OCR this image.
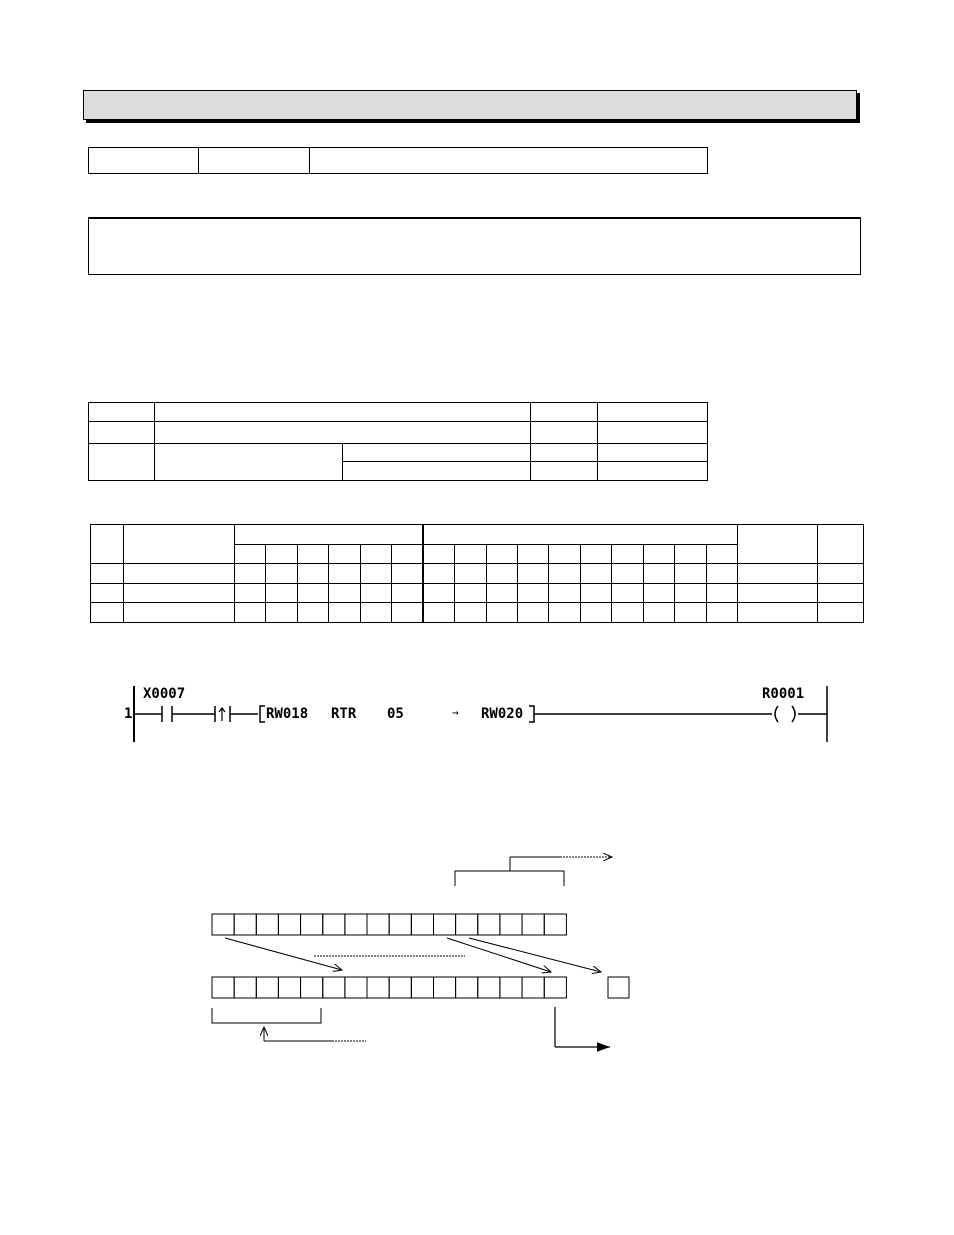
1
X0007
RW018 RTR 05	→ RW020
R0001
